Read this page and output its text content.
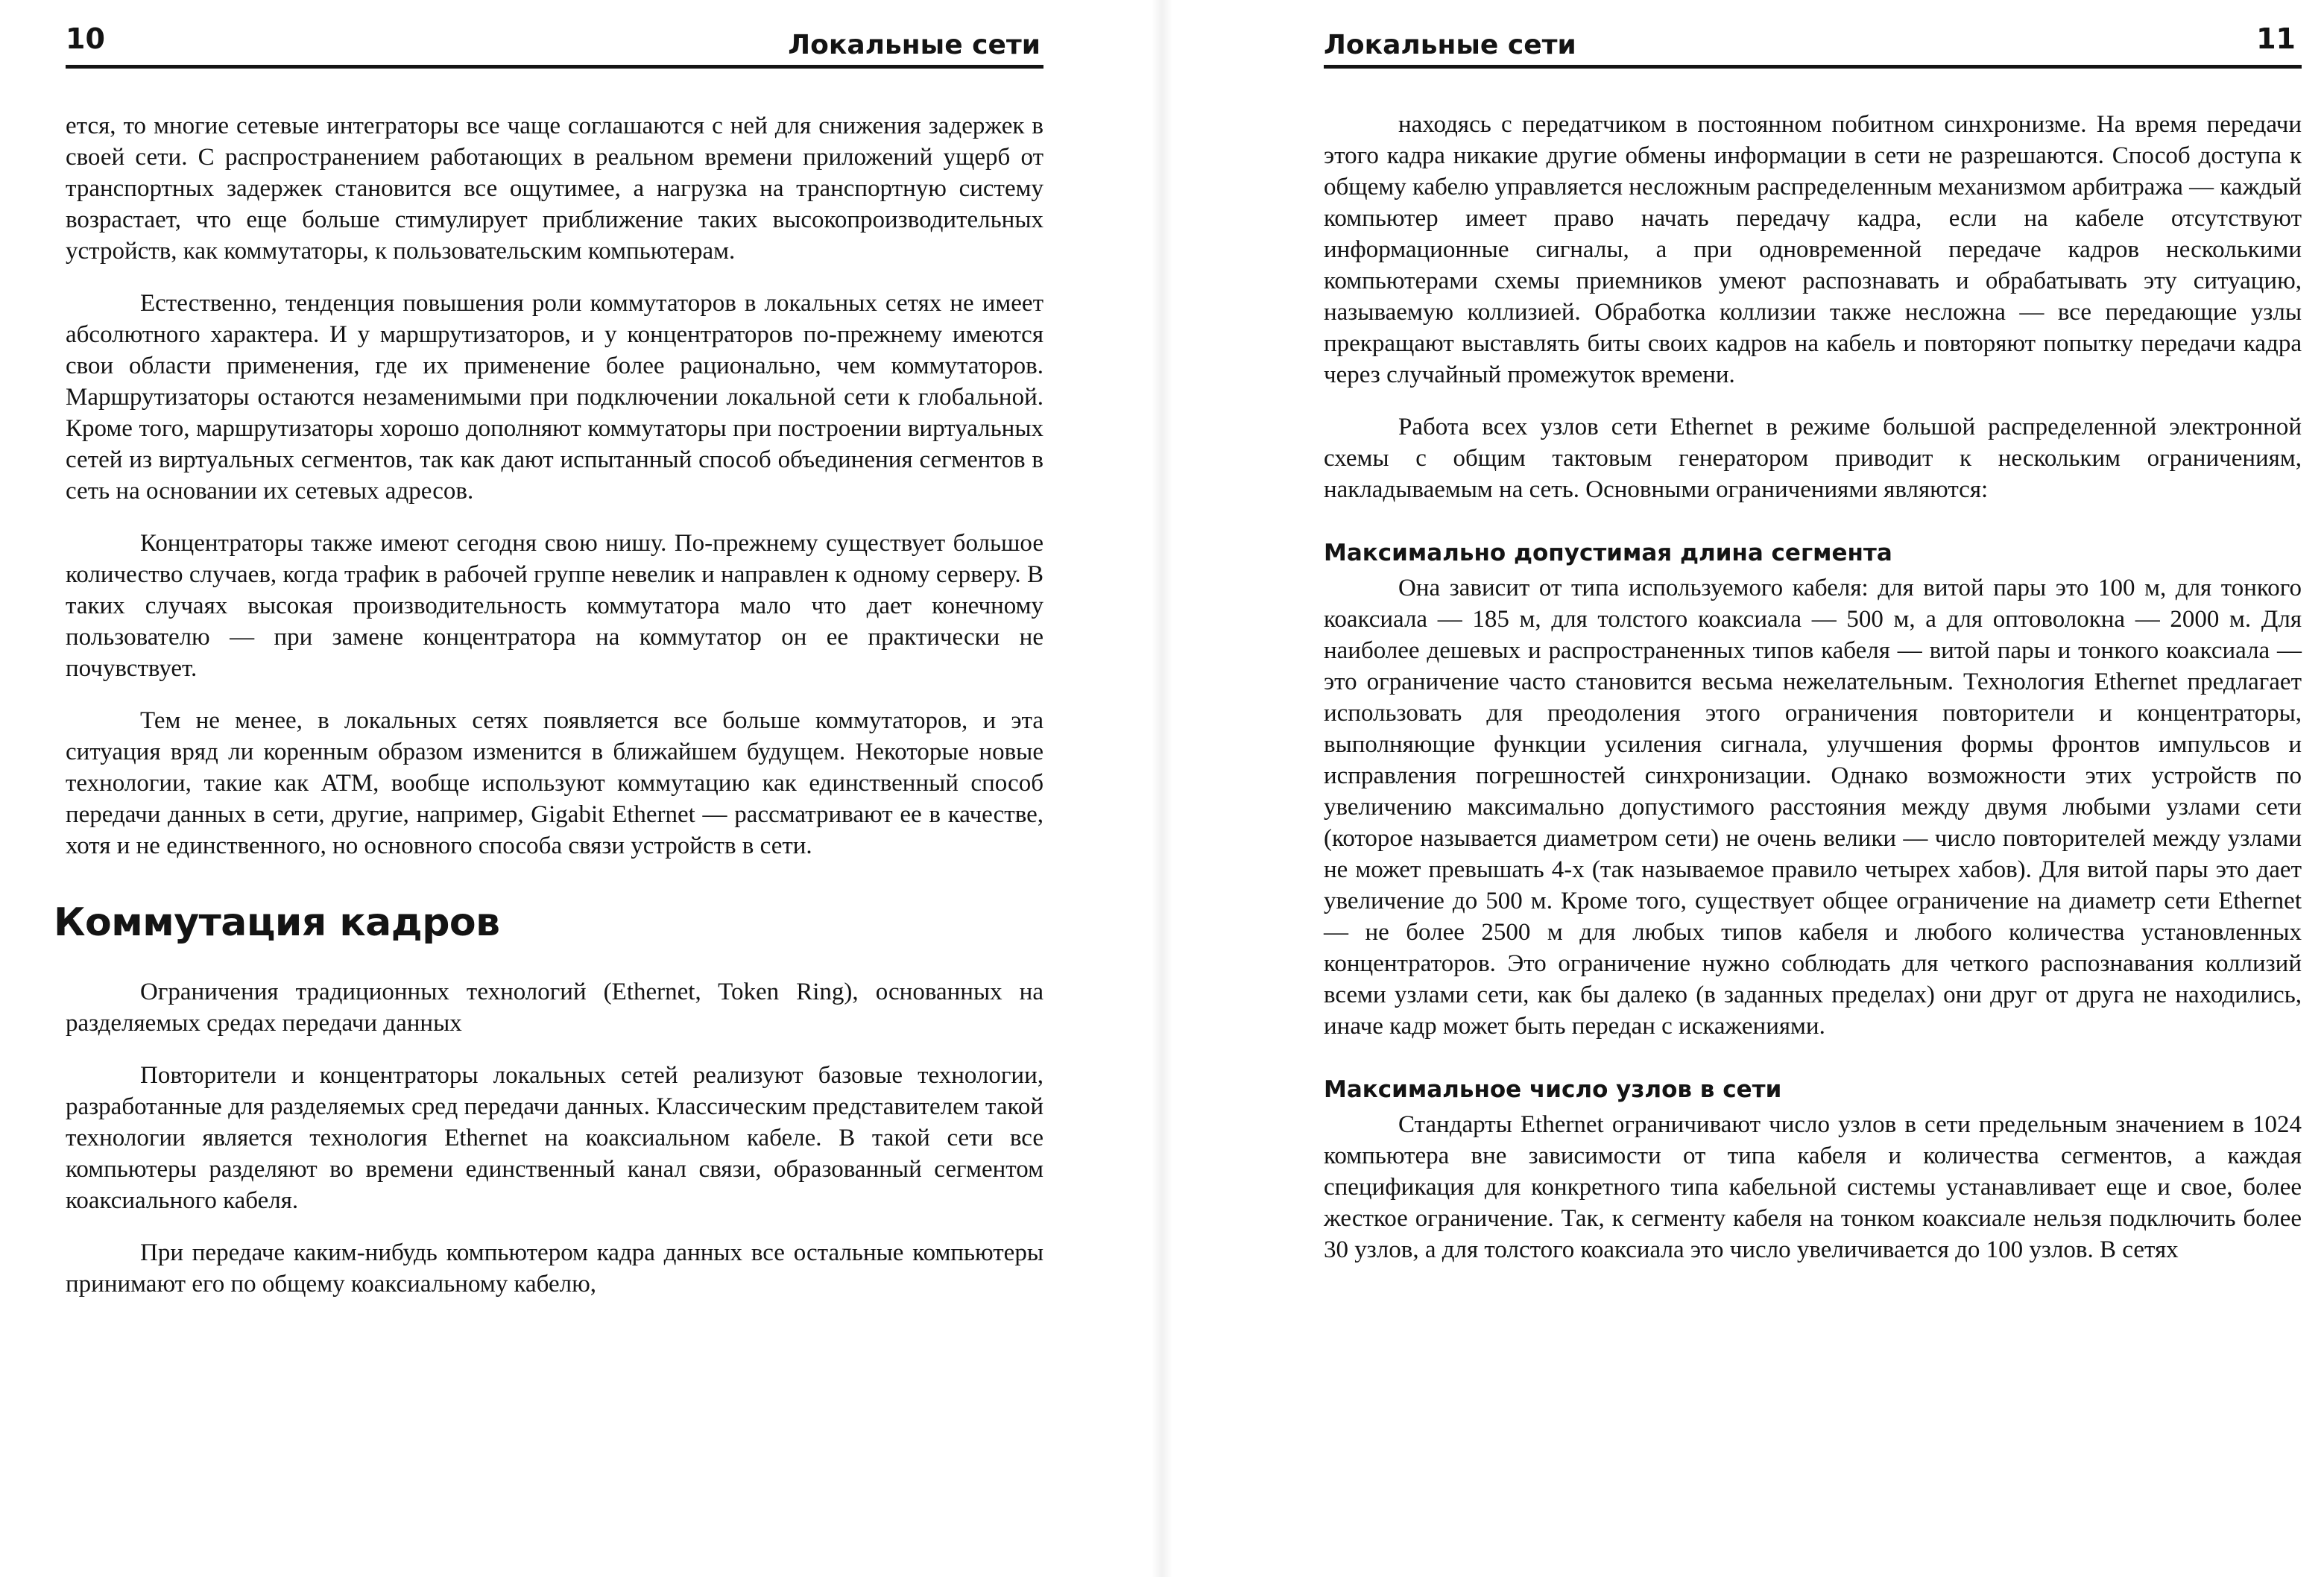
10	Локальные сети

ется, то многие сетевые интеграторы все чаще соглашаются с ней для снижения задержек в своей сети. С распространением работающих в реальном времени приложений ущерб от транспортных задержек становится все ощутимее, а нагрузка на транспортную систему возрастает, что еще больше стимулирует приближение таких высокопроизводительных устройств, как коммутаторы, к пользовательским компьютерам.

Естественно, тенденция повышения роли коммутаторов в локальных сетях не имеет абсолютного характера. И у маршрутизаторов, и у концентраторов по-прежнему имеются свои области применения, где их применение более рационально, чем коммутаторов. Маршрутизаторы остаются незаменимыми при подключении локальной сети к глобальной. Кроме того, маршрутизаторы хорошо дополняют коммутаторы при построении виртуальных сетей из виртуальных сегментов, так как дают испытанный способ объединения сегментов в сеть на основании их сетевых адресов.

Концентраторы также имеют сегодня свою нишу. По-прежнему существует большое количество случаев, когда трафик в рабочей группе невелик и направлен к одному серверу. В таких случаях высокая производительность коммутатора мало что дает конечному пользователю — при замене концентратора на коммутатор он ее практически не почувствует.

Тем не менее, в локальных сетях появляется все больше коммутаторов, и эта ситуация вряд ли коренным образом изменится в ближайшем будущем. Некоторые новые технологии, такие как ATM, вообще используют коммутацию как единственный способ передачи данных в сети, другие, например, Gigabit Ethernet — рассматривают ее в качестве, хотя и не единственного, но основного способа связи устройств в сети.

Коммутация кадров

Ограничения традиционных технологий (Ethernet, Token Ring), основанных на разделяемых средах передачи данных

Повторители и концентраторы локальных сетей реализуют базовые технологии, разработанные для разделяемых сред передачи данных. Классическим представителем такой технологии является технология Ethernet на коаксиальном кабеле. В такой сети все компьютеры разделяют во времени единственный канал связи, образованный сегментом коаксиального кабеля.

При передаче каким-нибудь компьютером кадра данных все остальные компьютеры принимают его по общему коаксиальному кабелю,

Локальные сети	11

находясь с передатчиком в постоянном побитном синхронизме. На время передачи этого кадра никакие другие обмены информации в сети не разрешаются. Способ доступа к общему кабелю управляется несложным распределенным механизмом арбитража — каждый компьютер имеет право начать передачу кадра, если на кабеле отсутствуют информационные сигналы, а при одновременной передаче кадров несколькими компьютерами схемы приемников умеют распознавать и обрабатывать эту ситуацию, называемую коллизией. Обработка коллизии также несложна — все передающие узлы прекращают выставлять биты своих кадров на кабель и повторяют попытку передачи кадра через случайный промежуток времени.

Работа всех узлов сети Ethernet в режиме большой распределенной электронной схемы с общим тактовым генератором приводит к нескольким ограничениям, накладываемым на сеть. Основными ограничениями являются:

Максимально допустимая длина сегмента

Она зависит от типа используемого кабеля: для витой пары это 100 м, для тонкого коаксиала — 185 м, для толстого коаксиала — 500 м, а для оптоволокна — 2000 м. Для наиболее дешевых и распространенных типов кабеля — витой пары и тонкого коаксиала — это ограничение часто становится весьма нежелательным. Технология Ethernet предлагает использовать для преодоления этого ограничения повторители и концентраторы, выполняющие функции усиления сигнала, улучшения формы фронтов импульсов и исправления погрешностей синхронизации. Однако возможности этих устройств по увеличению максимально допустимого расстояния между двумя любыми узлами сети (которое называется диаметром сети) не очень велики — число повторителей между узлами не может превышать 4-х (так называемое правило четырех хабов). Для витой пары это дает увеличение до 500 м. Кроме того, существует общее ограничение на диаметр сети Ethernet — не более 2500 м для любых типов кабеля и любого количества установленных концентраторов. Это ограничение нужно соблюдать для четкого распознавания коллизий всеми узлами сети, как бы далеко (в заданных пределах) они друг от друга не находились, иначе кадр может быть передан с искажениями.

Максимальное число узлов в сети

Стандарты Ethernet ограничивают число узлов в сети предельным значением в 1024 компьютера вне зависимости от типа кабеля и количества сегментов, а каждая спецификация для конкретного типа кабельной системы устанавливает еще и свое, более жесткое ограничение. Так, к сегменту кабеля на тонком коаксиале нельзя подключить более 30 узлов, а для толстого коаксиала это число увеличивается до 100 узлов. В сетях
